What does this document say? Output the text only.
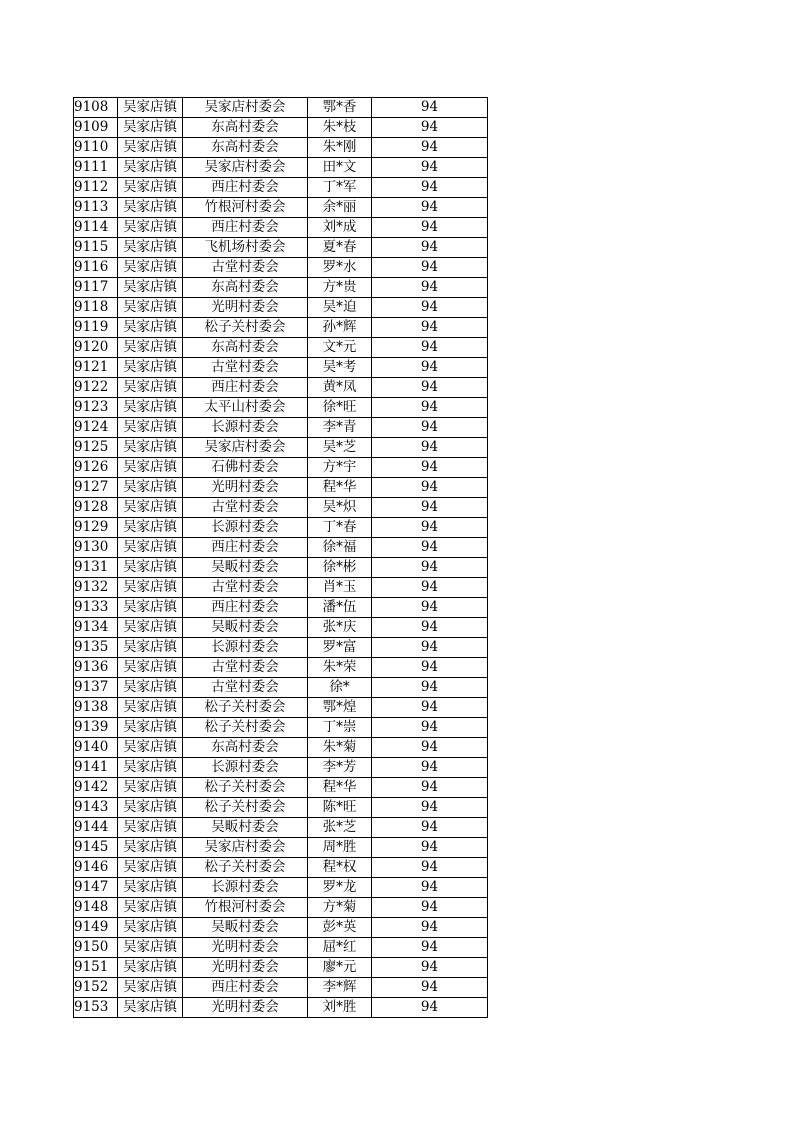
9108	吴家店镇	吴家店村委会	鄂*香	94
9109	吴家店镇	东高村委会	朱*枝	94
9110	吴家店镇	东高村委会	朱*刚	94
9111	吴家店镇	吴家店村委会	田*文	94
9112	吴家店镇	西庄村委会	丁*军	94
9113	吴家店镇	竹根河村委会	余*丽	94
9114	吴家店镇	西庄村委会	刘*成	94
9115	吴家店镇	飞机场村委会	夏*春	94
9116	吴家店镇	古堂村委会	罗*水	94
9117	吴家店镇	东高村委会	方*贵	94
9118	吴家店镇	光明村委会	吴*迫	94
9119	吴家店镇	松子关村委会	孙*辉	94
9120	吴家店镇	东高村委会	文*元	94
9121	吴家店镇	古堂村委会	吴*考	94
9122	吴家店镇	西庄村委会	黄*凤	94
9123	吴家店镇	太平山村委会	徐*旺	94
9124	吴家店镇	长源村委会	李*青	94
9125	吴家店镇	吴家店村委会	吴*芝	94
9126	吴家店镇	石佛村委会	方*宇	94
9127	吴家店镇	光明村委会	程*华	94
9128	吴家店镇	古堂村委会	吴*炽	94
9129	吴家店镇	长源村委会	丁*春	94
9130	吴家店镇	西庄村委会	徐*福	94
9131	吴家店镇	吴畈村委会	徐*彬	94
9132	吴家店镇	古堂村委会	肖*玉	94
9133	吴家店镇	西庄村委会	潘*伍	94
9134	吴家店镇	吴畈村委会	张*庆	94
9135	吴家店镇	长源村委会	罗*富	94
9136	吴家店镇	古堂村委会	朱*荣	94
9137	吴家店镇	古堂村委会	徐*	94
9138	吴家店镇	松子关村委会	鄂*煌	94
9139	吴家店镇	松子关村委会	丁*崇	94
9140	吴家店镇	东高村委会	朱*菊	94
9141	吴家店镇	长源村委会	李*芳	94
9142	吴家店镇	松子关村委会	程*华	94
9143	吴家店镇	松子关村委会	陈*旺	94
9144	吴家店镇	吴畈村委会	张*芝	94
9145	吴家店镇	吴家店村委会	周*胜	94
9146	吴家店镇	松子关村委会	程*权	94
9147	吴家店镇	长源村委会	罗*龙	94
9148	吴家店镇	竹根河村委会	方*菊	94
9149	吴家店镇	吴畈村委会	彭*英	94
9150	吴家店镇	光明村委会	屈*红	94
9151	吴家店镇	光明村委会	廖*元	94
9152	吴家店镇	西庄村委会	李*辉	94
9153	吴家店镇	光明村委会	刘*胜	94
